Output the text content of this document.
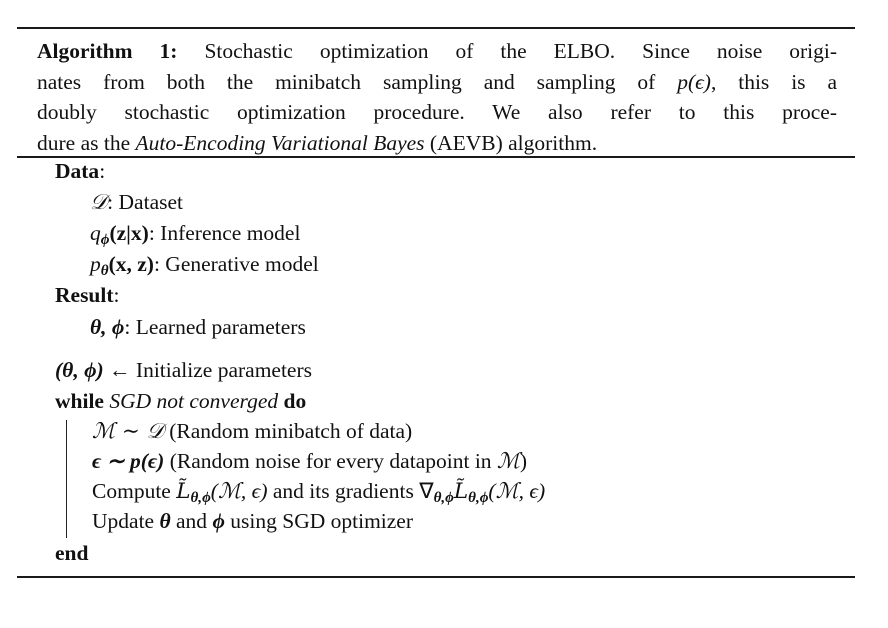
Algorithm 1: Stochastic optimization of the ELBO. Since noise origi-
nates from both the minibatch sampling and sampling of p(ϵ), this is a
doubly stochastic optimization procedure. We also refer to this proce-
dure as the Auto-Encoding Variational Bayes (AEVB) algorithm.
Data:
𝒟: Dataset
$q_\phi(z|x)$: Inference model
$p_\theta(x$, z): Generative model
Result:
θ, ϕ: Learned parameters
(θ, ϕ) ← Initialize parameters
while SGD not converged do
ℳ ∼ 𝒟 (Random minibatch of data)
ϵ ∼ p(ϵ) (Random noise for every datapoint in ℳ)
Compute $L̃_{\theta,\phi}(ℳ$, ϵ) and its gradients $\nabla_{\theta,\phi}L̃_{\theta,\phi}(ℳ$, ϵ)
Update θ and ϕ using SGD optimizer
end
